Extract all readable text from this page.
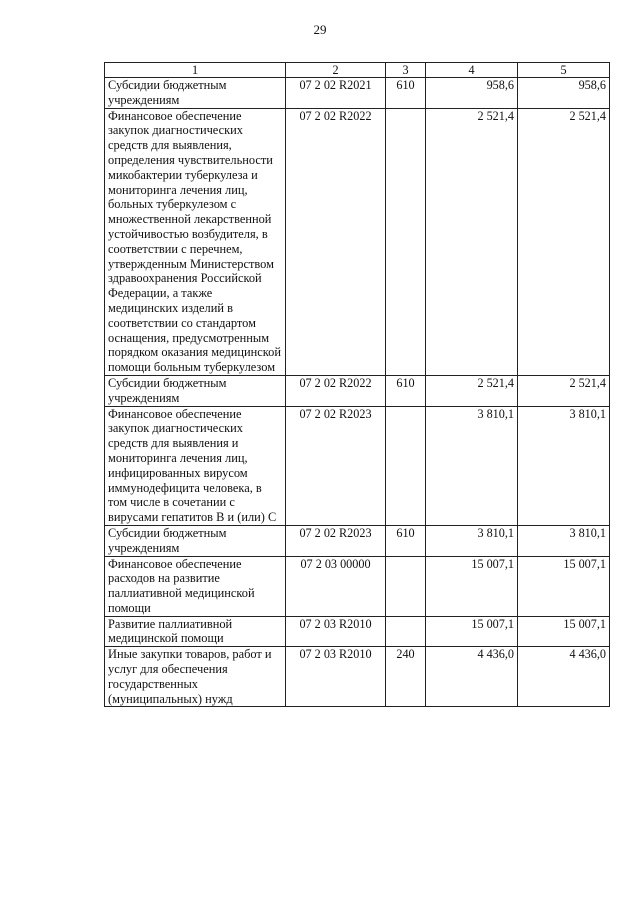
29
1	2	3	4	5
Субсидии бюджетным учреждениям	07 2 02 R2021	610	958,6	958,6
Финансовое обеспечение закупок диагностических средств для выявления, определения чувствительности микобактерии туберкулеза и мониторинга лечения лиц, больных туберкулезом с множественной лекарственной устойчивостью возбудителя, в соответствии с перечнем, утвержденным Министерством здравоохранения Российской Федерации, а также медицинских изделий в соответствии со стандартом оснащения, предусмотренным порядком оказания медицинской помощи больным туберкулезом	07 2 02 R2022		2 521,4	2 521,4
Субсидии бюджетным учреждениям	07 2 02 R2022	610	2 521,4	2 521,4
Финансовое обеспечение закупок диагностических средств для выявления и мониторинга лечения лиц, инфицированных вирусом иммунодефицита человека, в том числе в сочетании с вирусами гепатитов В и (или) С	07 2 02 R2023		3 810,1	3 810,1
Субсидии бюджетным учреждениям	07 2 02 R2023	610	3 810,1	3 810,1
Финансовое обеспечение расходов на развитие паллиативной медицинской помощи	07 2 03 00000		15 007,1	15 007,1
Развитие паллиативной медицинской помощи	07 2 03 R2010		15 007,1	15 007,1
Иные закупки товаров, работ и услуг для обеспечения государственных (муниципальных) нужд	07 2 03 R2010	240	4 436,0	4 436,0
